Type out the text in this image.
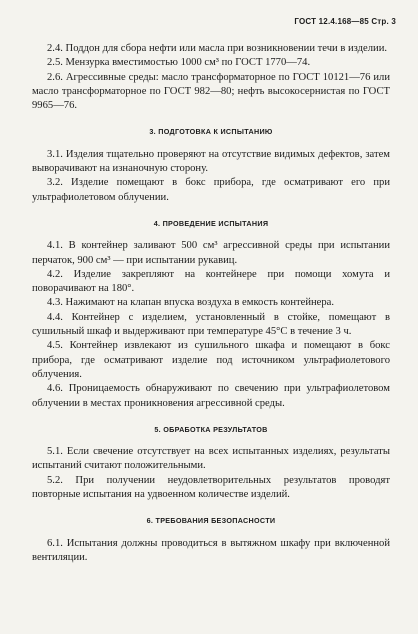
ГОСТ 12.4.168—85 Стр. 3

2.4. Поддон для сбора нефти или масла при возникновении течи в изделии.

2.5. Мензурка вместимостью 1000 см³ по ГОСТ 1770—74.

2.6. Агрессивные среды: масло трансформаторное по ГОСТ 10121—76 или масло трансформаторное по ГОСТ 982—80; нефть высокосернистая по ГОСТ 9965—76.

3. ПОДГОТОВКА К ИСПЫТАНИЮ

3.1. Изделия тщательно проверяют на отсутствие видимых дефектов, затем выворачивают на изнаночную сторону.

3.2. Изделие помещают в бокс прибора, где осматривают его при ультрафиолетовом облучении.

4. ПРОВЕДЕНИЕ ИСПЫТАНИЯ

4.1. В контейнер заливают 500 см³ агрессивной среды при испытании перчаток, 900 см³ — при испытании рукавиц.

4.2. Изделие закрепляют на контейнере при помощи хомута и поворачивают на 180°.

4.3. Нажимают на клапан впуска воздуха в емкость контейнера.

4.4. Контейнер с изделием, установленный в стойке, помещают в сушильный шкаф и выдерживают при температуре 45°С в течение 3 ч.

4.5. Контейнер извлекают из сушильного шкафа и помещают в бокс прибора, где осматривают изделие под источником ультрафиолетового облучения.

4.6. Проницаемость обнаруживают по свечению при ультрафиолетовом облучении в местах проникновения агрессивной среды.

5. ОБРАБОТКА РЕЗУЛЬТАТОВ

5.1. Если свечение отсутствует на всех испытанных изделиях, результаты испытаний считают положительными.

5.2. При получении неудовлетворительных результатов проводят повторные испытания на удвоенном количестве изделий.

6. ТРЕБОВАНИЯ БЕЗОПАСНОСТИ

6.1. Испытания должны проводиться в вытяжном шкафу при включенной вентиляции.
